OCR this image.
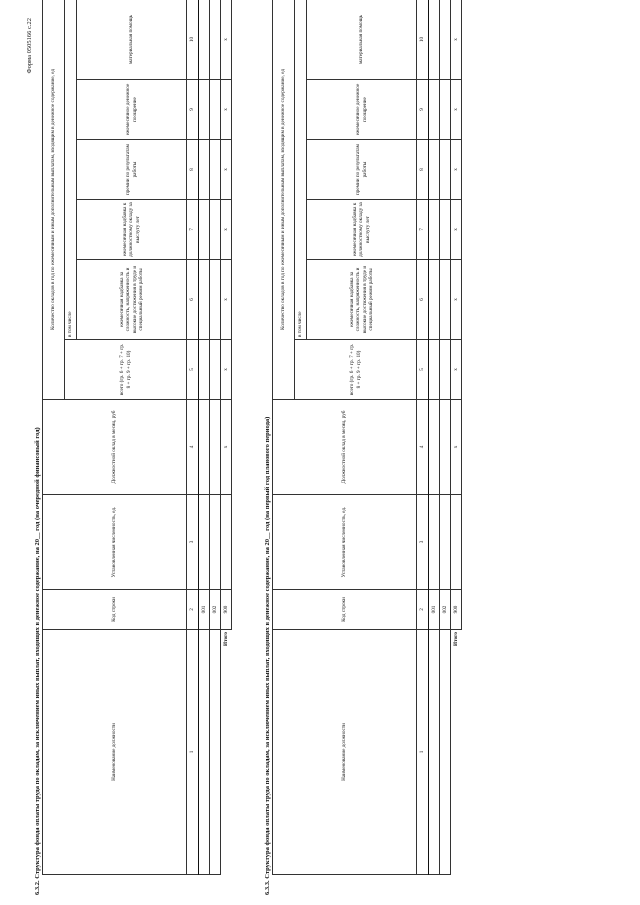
Форма 0505166 с.22
6.3.2. Структура фонда оплаты труда по окладам, за исключением иных выплат, входящих в денежное содержание, на 20__ год (на очередной финансовый год)	Наименование должности	Код строки	Установленная численность, ед.	Должностной оклад в месяц, руб	Количество окладов в год по ежемесячным и иным дополнительным выплатам, входящим в денежное содержание, ед					
				всего (гр. 6 + гр. 7 + гр. 8 + гр. 9 + гр. 10)	в том числе				
					ежемесячная надбавка за сложность, напряженность и высокие достижения в труде и специальный режим работы	ежемесячная надбавка к должностному окладу за выслугу лет	премии по результатам работы	ежемесячное денежное поощрение	материальная помощь
1	2	3	4	5	6	7	8	9	10
	001								
	002								
Итого	900		х	х	х	х	х	х	х
6.3.3. Структура фонда оплаты труда по окладам, за исключением иных выплат, входящих в денежное содержание, на 20__ год (на первый год планового периода)	Наименование должности	Код строки	Установленная численность, ед.	Должностной оклад в месяц, руб	Количество окладов в год по ежемесячным и иным дополнительным выплатам, входящим в денежное содержание, ед					
				всего (гр. 6 + гр. 7 + гр. 8 + гр. 9 + гр. 10)	в том числе				
					ежемесячная надбавка за сложность, напряженность и высокие достижения в труде и специальный режим работы	ежемесячная надбавка к должностному окладу за выслугу лет	премии по результатам работы	ежемесячное денежное поощрение	материальная помощь
1	2	3	4	5	6	7	8	9	10
	001								
	002								
Итого	900		х	х	х	х	х	х	х
